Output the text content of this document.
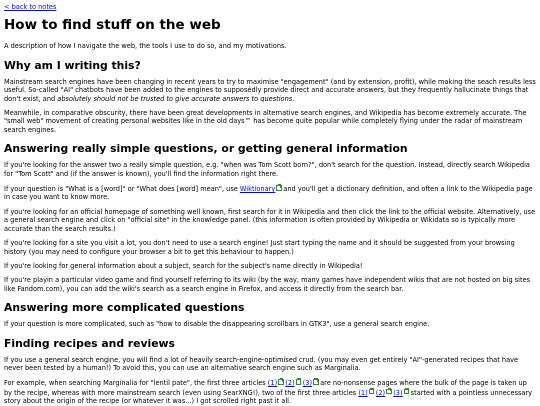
< back to notes
How to find stuff on the web

A description of how I navigate the web, the tools I use to do so, and my motivations.

Why am I writing this?

Mainstream search engines have been changing in recent years to try to maximise "engagement" (and by extension, profit), while making the seach results less useful. So-called "AI" chatbots have been added to the engines to supposédly provide direct and accurate answers, but they frequently hallucinate things that don't exist, and absolutely should not be trusted to give accurate answers to questions.

Meanwhile, in comparative obscurity, there have been great developments in alternative search engines, and Wikipedia has become extremely accurate. The "small web" movement of creating personal websites like in the old days™ has become quite popular while completely flying under the radar of mainstream search engines.

Answering really simple questions, or getting general information

If you're looking for the answer two a really simple question, e.g. "when was Tom Scott born?", don't search for the question. Instead, directly search Wikipedia for "Tom Scott" and (if the answer is known), you'll find the information right there.

If your question is "What is a [word]" or "What does [word] mean", use Wiktionary and you'll get a dictionary definition, and often a link to the Wikipedia page in case you want to know more.

If you're looking for an official homepage of something well known, first search for it in Wikipedia and then click the link to the official website. Alternatively, use a general search engine and click on "official site" in the knowledge panel. (this information is often provided by Wikipedia or Wikidata so is typically more accurate than the search results.)

If you're looking for a site you visit a lot, you don't need to use a search engine! Just start typing the name and it should be suggested from your browsing history (you may need to configure your browser a bit to get this behaviour to happen.)

If you're looking for general information about a subject, search for the subject's name directly in Wikipedia!

If you're playin a particular video game and find yourself referring to its wiki (by the way, many games have independent wikis that are not hosted on big sites like Fandom.com), you can add the wiki's search as a search engine in Firefox, and access it directly from the search bar.

Answering more complicated questions

If your question is more complicated, such as "how to disable the disappearing scrollbars in GTK3", use a general search engine.

Finding recipes and reviews

If you use a general search engine, you will find a lot of heavily search-engine-optimised crud. (you may even get entirely "AI"-generated recipes that have never been tested by a human!) To avoid this, you can use an alternative search engine such as Marginalia.

For example, when searching Marginalia for "lentil pate", the first three articles (1) (2) (3) are no-nonsense pages where the bulk of the page is taken up by the recipe, whereas with more mainstream search (even using SearXNG!), two of the first three articles (1) (2) (3) started with a pointless unnecessary story about the origin of the recipe (or whatever it was...) I got scrolled right past it all.
